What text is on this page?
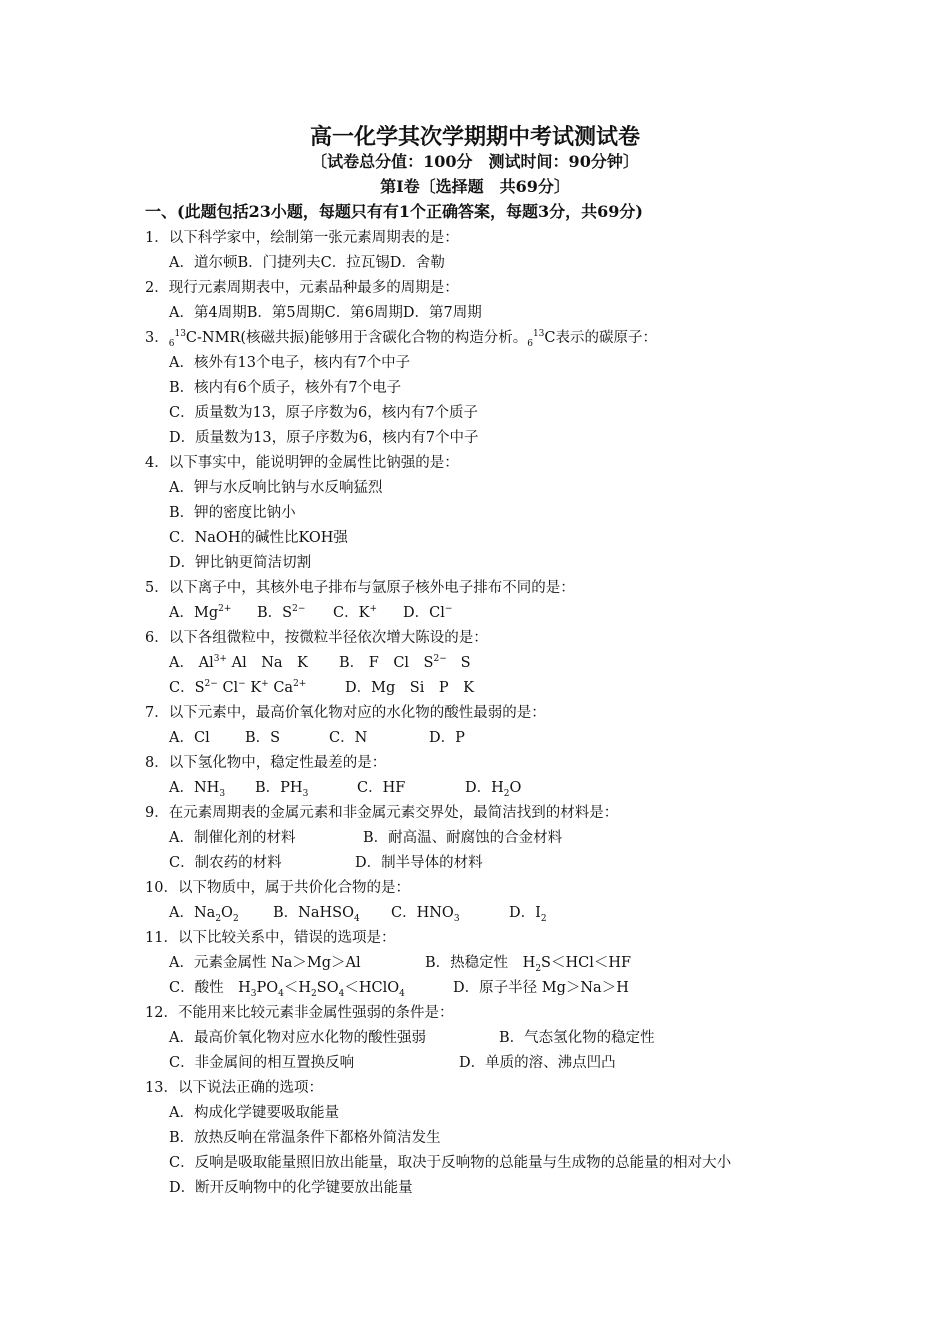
高一化学其次学期期中考试测试卷
〔试卷总分值：100分　测试时间：90分钟〕
第I卷〔选择题　共69分〕
一、(此题包括23小题，每题只有有1个正确答案，每题3分，共69分)
1．以下科学家中，绘制第一张元素周期表的是：
A．道尔顿B．门捷列夫C．拉瓦锡D．舍勒
2．现行元素周期表中，元素品种最多的周期是：
A．第4周期B．第5周期C．第6周期D．第7周期
3．$_6^{13}$C-NMR(核磁共振)能够用于含碳化合物的构造分析。$_6^{13}$C表示的碳原子：
A．核外有13个电子，核内有7个中子
B．核内有6个质子，核外有7个电子
C．质量数为13，原子序数为6，核内有7个质子
D．质量数为13，原子序数为6，核内有7个中子
4．以下事实中，能说明钾的金属性比钠强的是：
A．钾与水反响比钠与水反响猛烈
B．钾的密度比钠小
C．NaOH的碱性比KOH强
D．钾比钠更简洁切割
5．以下离子中，其核外电子排布与氩原子核外电子排布不同的是：
A．$Mg^{2+}$ B．$S^{2-}$ C．K+ D．Cl−
6．以下各组微粒中，按微粒半径依次增大陈设的是：
A． $Al^{3+}$ Al　Na　K B． F　Cl　$S^{2-}$ S
C．$S^{2-}$ Cl− K+ $Ca^{2+}$	D．Mg　Si　P　K
7．以下元素中，最高价氧化物对应的水化物的酸性最弱的是：
A．Cl B．S	C．N	D．P
8．以下氢化物中，稳定性最差的是：
A．$NH_3$ B．$PH_3$	C．HF	D．$H_2O$
9．在元素周期表的金属元素和非金属元素交界处，最简洁找到的材料是：
A．制催化剂的材料	B．耐高温、耐腐蚀的合金材料
C．制农药的材料	D．制半导体的材料
10．以下物质中，属于共价化合物的是：
A．$Na_2O_2$ B．NaHSO$_4$ C．$HNO_3$	D．$I_2$
11．以下比较关系中，错误的选项是：
A．元素金属性 Na＞Mg＞Al	B．热稳定性　$H_2S<HCl<HF$
C．酸性　$H_3PO_4<H_2SO_4<HClO_4$	D．原子半径 Mg＞Na＞H
12．不能用来比较元素非金属性强弱的条件是：
A．最高价氧化物对应水化物的酸性强弱	B．气态氢化物的稳定性
C．非金属间的相互置换反响	D．单质的溶、沸点凹凸
13．以下说法正确的选项：
A．构成化学键要吸取能量
B．放热反响在常温条件下都格外简洁发生
C．反响是吸取能量照旧放出能量，取决于反响物的总能量与生成物的总能量的相对大小
D．断开反响物中的化学键要放出能量
